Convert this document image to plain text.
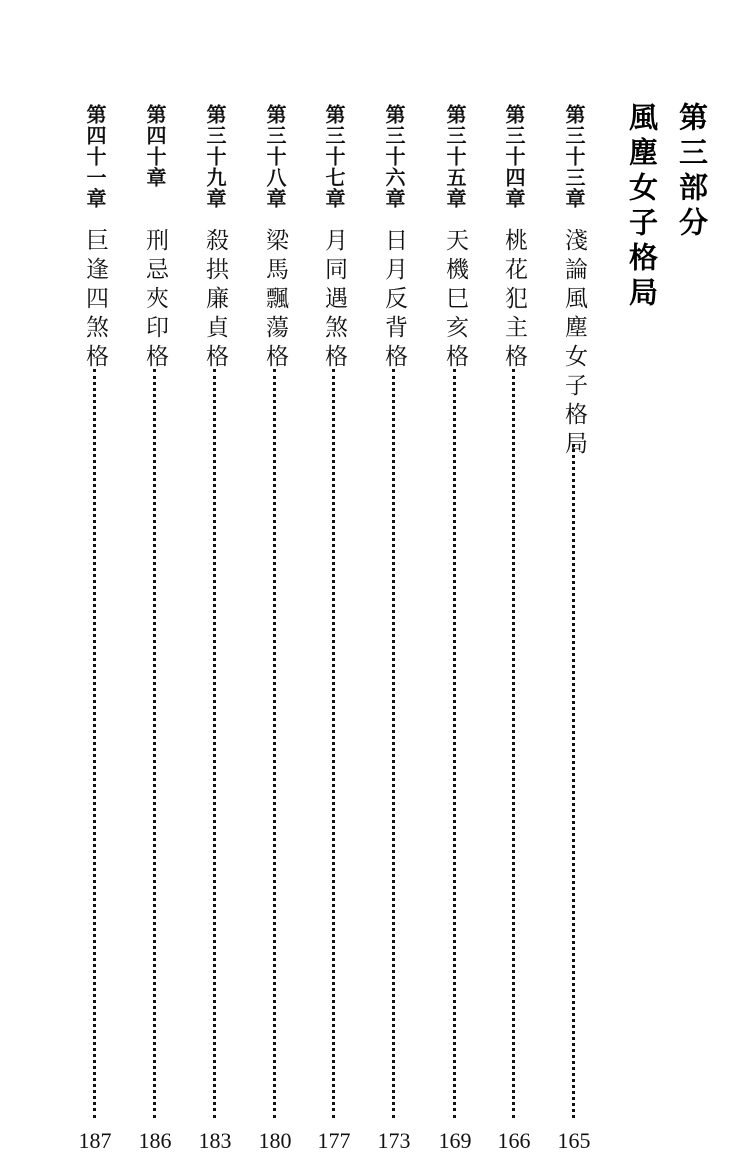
第三部分
風塵女子格局
第三十三章
淺論風塵女子格局
165
第三十四章
桃花犯主格
166
第三十五章
天機巳亥格
169
第三十六章
日月反背格
173
第三十七章
月同遇煞格
177
第三十八章
梁馬飄蕩格
180
第三十九章
殺拱廉貞格
183
第四十章
刑忌夾印格
186
第四十一章
巨逢四煞格
187
